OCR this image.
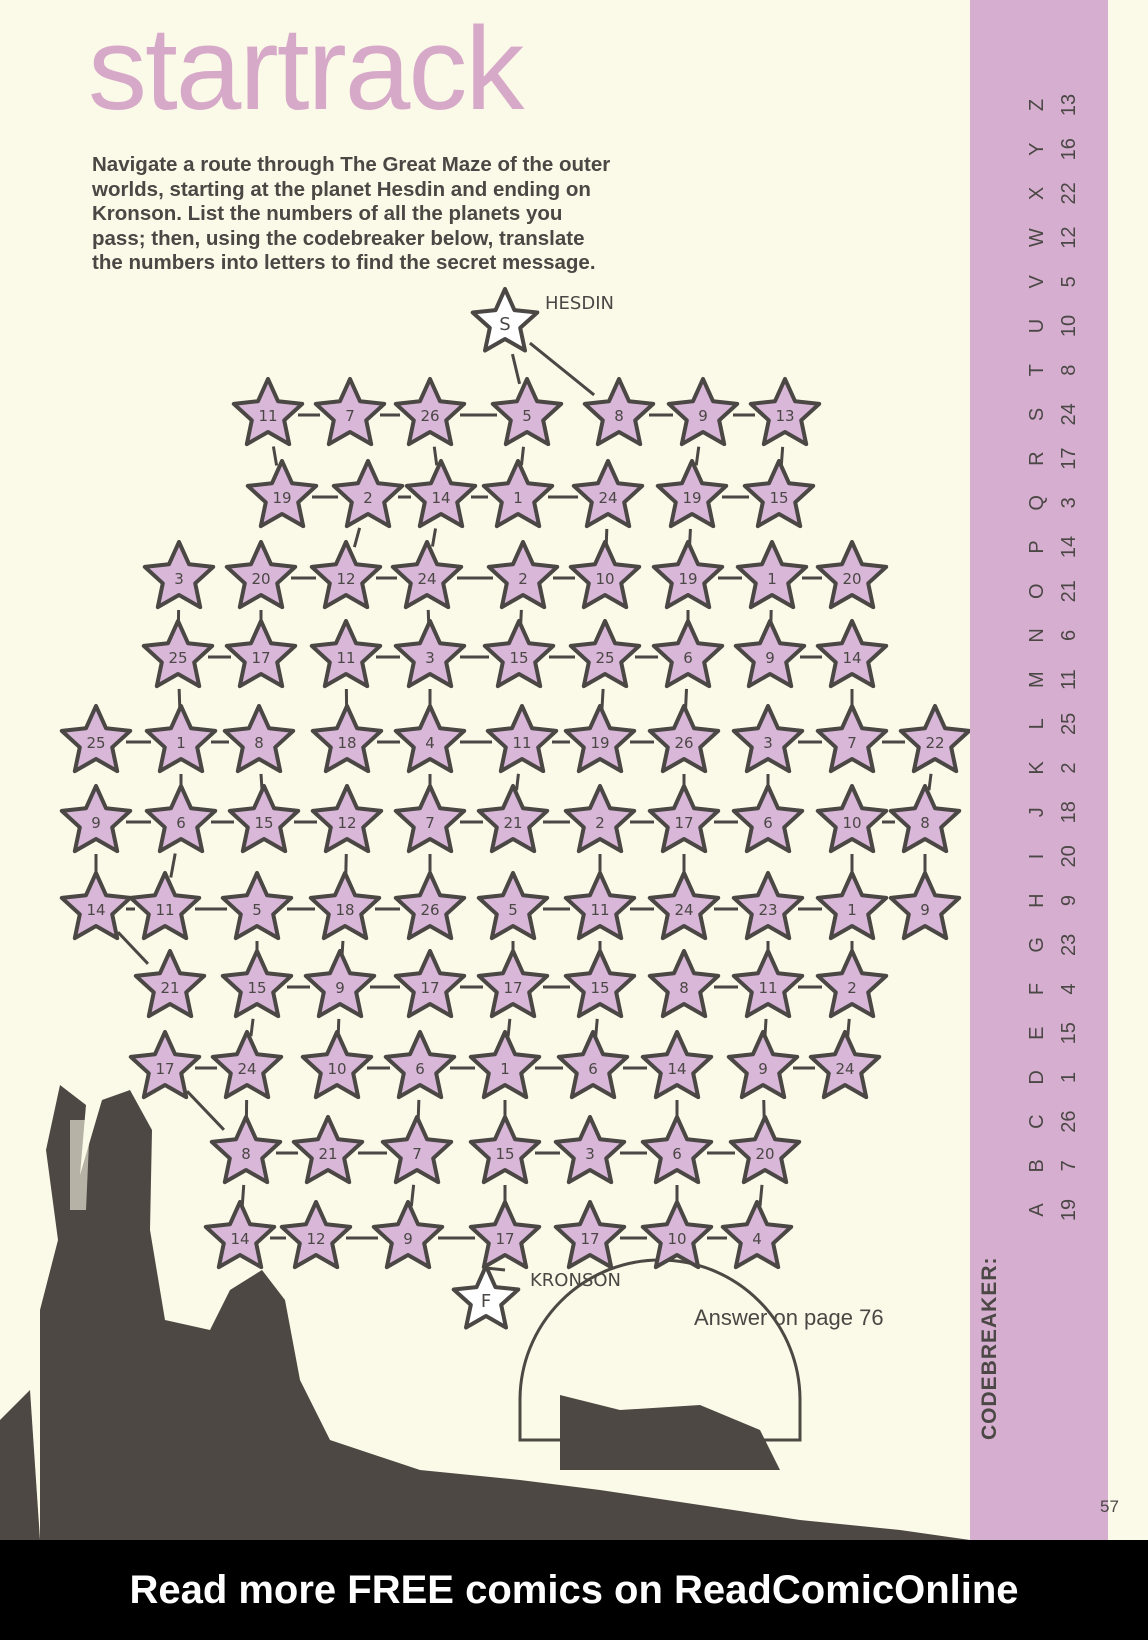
startrack
Navigate a route through The Great Maze of the outer
worlds, starting at the planet Hesdin and ending on
Kronson. List the numbers of all the planets you
pass; then, using the codebreaker below, translate
the numbers into letters to find the secret message.
11	7	26	5	8	9	13
19	2	14	1	24	19	15
3	20	12	24	2	10	19	1	20
25	17	11	3	15	25	6	9	14
25	1	8	18	4	11	19	26	3	7	22
9	6	15	12	7	21	2	17	6	10	8
14	11	5	18	26	5	11	24	23	1	9
21	15	9	17	17	15	8	11	2
17	24	10	6	1	6	14	9	24
8	21	7	15	3	6	20
14	12	9	17	17	10	4
S
HESDIN
F
KRONSON
Answer on page 76	CODEBREAKER:
A 19
B 7
C 26
D 1
E 15
F 4
G 23
H 9
I 20
J 18
K 2
L 25
M 11
N 6
O 21
P 14
Q 3
R 17
S 24
T 8
U 10
V 5
W 12
X 22
Y 16
Z 13
57
Read more FREE comics on ReadComicOnline
